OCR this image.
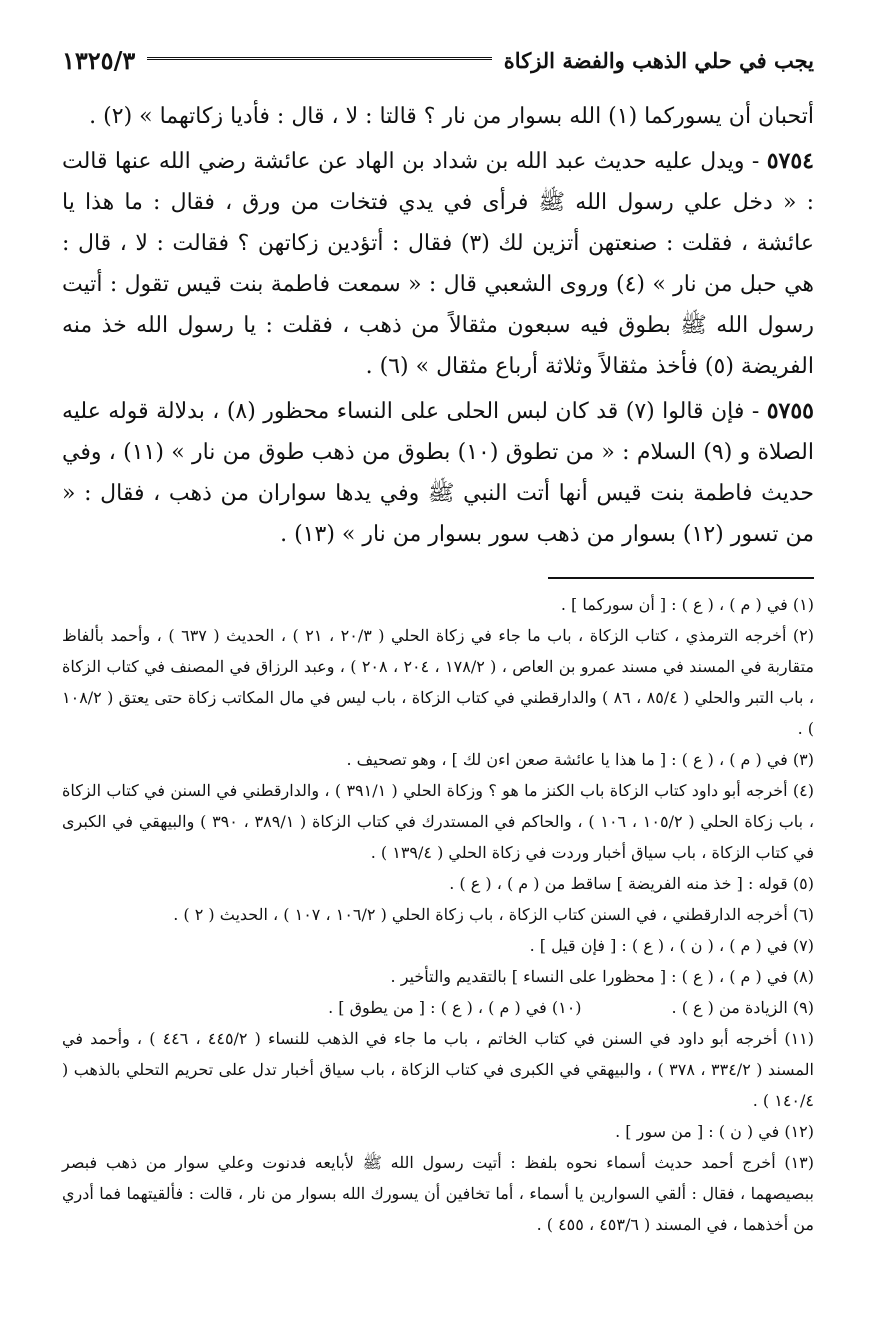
يجب في حلي الذهب والفضة الزكاة
١٣٢٥/٣

أتحبان أن يسوركما (١) الله بسوار من نار ؟ قالتا : لا ، قال : فأديا زكاتهما » (٢) .

٥٧٥٤ - ويدل عليه حديث عبد الله بن شداد بن الهاد عن عائشة رضي الله عنها قالت : « دخل علي رسول الله ﷺ فرأى في يدي فتخات من ورق ، فقال : ما هذا يا عائشة ، فقلت : صنعتهن أتزين لك (٣) فقال : أتؤدين زكاتهن ؟ فقالت : لا ، قال : هي حبل من نار » (٤) وروى الشعبي قال : « سمعت فاطمة بنت قيس تقول : أتيت رسول الله ﷺ بطوق فيه سبعون مثقالاً من ذهب ، فقلت : يا رسول الله خذ منه الفريضة (٥) فأخذ مثقالاً وثلاثة أرباع مثقال » (٦) .

٥٧٥٥ - فإن قالوا (٧) قد كان لبس الحلى على النساء محظور (٨) ، بدلالة قوله عليه الصلاة و (٩) السلام : « من تطوق (١٠) بطوق من ذهب طوق من نار » (١١) ، وفي حديث فاطمة بنت قيس أنها أتت النبي ﷺ وفي يدها سواران من ذهب ، فقال : « من تسور (١٢) بسوار من ذهب سور بسوار من نار » (١٣) .

(١) في ( م ) ، ( ع ) : [ أن سوركما ] .

(٢) أخرجه الترمذي ، كتاب الزكاة ، باب ما جاء في زكاة الحلي ( ٢٠/٣ ، ٢١ ) ، الحديث ( ٦٣٧ ) ، وأحمد بألفاظ متقاربة في المسند في مسند عمرو بن العاص ، ( ١٧٨/٢ ، ٢٠٤ ، ٢٠٨ ) ، وعبد الرزاق في المصنف في كتاب الزكاة ، باب التبر والحلي ( ٨٥/٤ ، ٨٦ ) والدارقطني في كتاب الزكاة ، باب ليس في مال المكاتب زكاة حتى يعتق ( ١٠٨/٢ ) .

(٣) في ( م ) ، ( ع ) : [ ما هذا يا عائشة صعن اءن لك ] ، وهو تصحيف .

(٤) أخرجه أبو داود كتاب الزكاة باب الكنز ما هو ؟ وزكاة الحلي ( ٣٩١/١ ) ، والدارقطني في السنن في كتاب الزكاة ، باب زكاة الحلي ( ١٠٥/٢ ، ١٠٦ ) ، والحاكم في المستدرك في كتاب الزكاة ( ٣٨٩/١ ، ٣٩٠ ) والبيهقي في الكبرى في كتاب الزكاة ، باب سياق أخبار وردت في زكاة الحلي ( ١٣٩/٤ ) .

(٥) قوله : [ خذ منه الفريضة ] ساقط من ( م ) ، ( ع ) .

(٦) أخرجه الدارقطني ، في السنن كتاب الزكاة ، باب زكاة الحلي ( ١٠٦/٢ ، ١٠٧ ) ، الحديث ( ٢ ) .

(٧) في ( م ) ، ( ن ) ، ( ع ) : [ فإن قيل ] .

(٨) في ( م ) ، ( ع ) : [ محظورا على النساء ] بالتقديم والتأخير .

(٩) الزيادة من ( ع ) .
(١٠) في ( م ) ، ( ع ) : [ من يطوق ] .

(١١) أخرجه أبو داود في السنن في كتاب الخاتم ، باب ما جاء في الذهب للنساء ( ٤٤٥/٢ ، ٤٤٦ ) ، وأحمد في المسند ( ٣٣٤/٢ ، ٣٧٨ ) ، والبيهقي في الكبرى في كتاب الزكاة ، باب سياق أخبار تدل على تحريم التحلي بالذهب ( ١٤٠/٤ ) .

(١٢) في ( ن ) : [ من سور ] .

(١٣) أخرج أحمد حديث أسماء نحوه بلفظ : أتيت رسول الله ﷺ لأبايعه فدنوت وعلي سوار من ذهب فبصر ببصيصهما ، فقال : ألقي السوارين يا أسماء ، أما تخافين أن يسورك الله بسوار من نار ، قالت : فألقيتهما فما أدري من أخذهما ، في المسند ( ٤٥٣/٦ ، ٤٥٥ ) .
